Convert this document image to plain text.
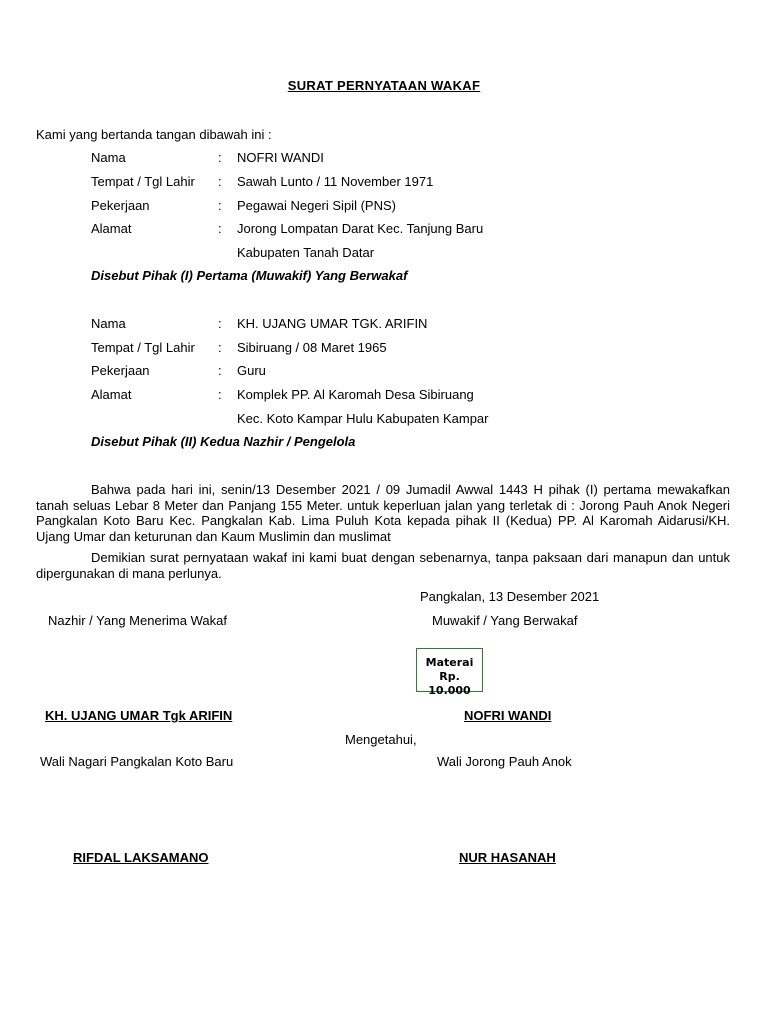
SURAT PERNYATAAN WAKAF
Kami yang bertanda tangan dibawah ini :
Nama	: NOFRI WANDI
Tempat / Tgl Lahir : Sawah Lunto / 11 November 1971
Pekerjaan	: Pegawai Negeri Sipil (PNS)
Alamat	: Jorong Lompatan Darat Kec. Tanjung Baru
Kabupaten Tanah Datar
Disebut Pihak (I) Pertama (Muwakif) Yang Berwakaf
Nama	: KH. UJANG UMAR TGK. ARIFIN
Tempat / Tgl Lahir : Sibiruang / 08 Maret 1965
Pekerjaan	: Guru
Alamat	: Komplek PP. Al Karomah Desa Sibiruang
Kec. Koto Kampar Hulu Kabupaten Kampar
Disebut Pihak (II) Kedua Nazhir / Pengelola
Bahwa pada hari ini, senin/13 Desember 2021 / 09 Jumadil Awwal 1443 H pihak (I) pertama mewakafkan tanah seluas Lebar 8 Meter dan Panjang 155 Meter. untuk keperluan jalan yang terletak di : Jorong Pauh Anok Negeri Pangkalan Koto Baru Kec. Pangkalan Kab. Lima Puluh Kota kepada pihak II (Kedua) PP. Al Karomah Aidarusi/KH. Ujang Umar dan keturunan dan Kaum Muslimin dan muslimat
Demikian surat pernyataan wakaf ini kami buat dengan sebenarnya, tanpa paksaan dari manapun dan untuk dipergunakan di mana perlunya.
Pangkalan, 13 Desember 2021
Nazhir / Yang Menerima Wakaf	Muwakif / Yang Berwakaf
Materai
Rp. 10.000
KH. UJANG UMAR Tgk ARIFIN	NOFRI WANDI
Mengetahui,
Wali Nagari Pangkalan Koto Baru	Wali Jorong Pauh Anok
RIFDAL LAKSAMANO	NUR HASANAH
